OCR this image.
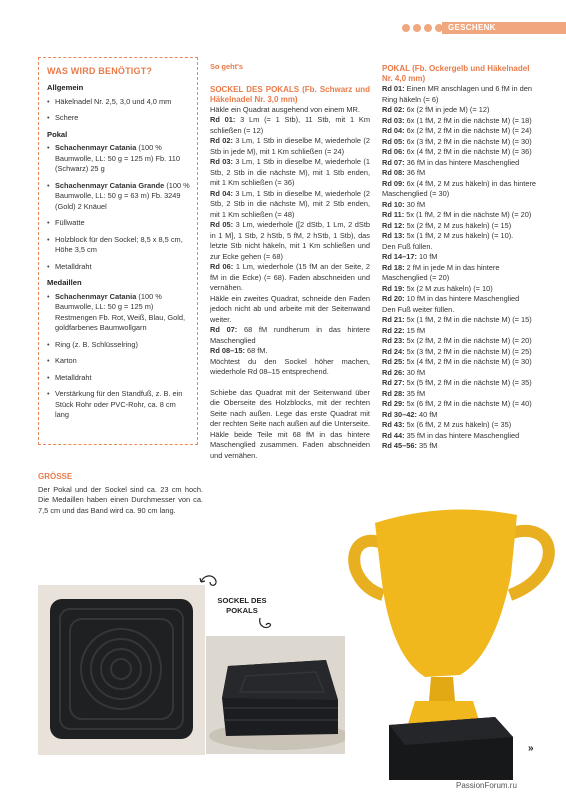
GESCHENK
WAS WIRD BENÖTIGT?
Allgemein
• Häkelnadel Nr. 2,5, 3,0 und 4,0 mm
• Schere
Pokal
• Schachenmayr Catania (100 % Baumwolle, LL: 50 g = 125 m) Fb. 110 (Schwarz) 25 g
• Schachenmayr Catania Grande (100 % Baumwolle, LL: 50 g = 63 m) Fb. 3249 (Gold) 2 Knäuel
• Füllwatte
• Holzblock für den Sockel; 8,5 x 8,5 cm, Höhe 3,5 cm
• Metalldraht
Medaillen
• Schachenmayr Catania (100 % Baumwolle, LL: 50 g = 125 m) Restmengen Fb. Rot, Weiß, Blau, Gold, goldfarbenes Baumwollgarn
• Ring (z. B. Schlüsselring)
• Karton
• Metalldraht
• Verstärkung für den Standfuß, z. B. ein Stück Rohr oder PVC-Rohr, ca. 8 cm lang
GRÖSSE

Der Pokal und der Sockel sind ca. 23 cm hoch. Die Medaillen haben einen Durchmesser von ca. 7,5 cm und das Band wird ca. 90 cm lang.

So geht's

SOCKEL DES POKALS (Fb. Schwarz und Häkelnadel Nr. 3,0 mm)

Häkle ein Quadrat ausgehend von einem MR.

Rd 01: 3 Lm (= 1 Stb), 11 Stb, mit 1 Km schließen (= 12)

Rd 02: 3 Lm, 1 Stb in dieselbe M, wiederhole (2 Stb in jede M), mit 1 Km schließen (= 24)

Rd 03: 3 Lm, 1 Stb in dieselbe M, wiederhole (1 Stb, 2 Stb in die nächste M), mit 1 Stb enden, mit 1 Km schließen (= 36)

Rd 04: 3 Lm, 1 Stb in dieselbe M, wiederhole (2 Stb, 2 Stb in die nächste M), mit 2 Stb enden, mit 1 Km schließen (= 48)

Rd 05: 3 Lm, wiederhole ([2 dStb, 1 Lm, 2 dStb in 1 M], 1 Stb, 2 hStb, 5 fM, 2 hStb, 1 Stb), das letzte Stb nicht häkeln, mit 1 Km schließen und zur Ecke gehen (= 68)

Rd 06: 1 Lm, wiederhole (15 fM an der Seite, 2 fM in die Ecke) (= 68). Faden abschneiden und vernähen.

Häkle ein zweites Quadrat, schneide den Faden jedoch nicht ab und arbeite mit der Seitenwand weiter.

Rd 07: 68 fM rundherum in das hintere Maschenglied

Rd 08–15: 68 fM.

Möchtest du den Sockel höher machen, wiederhole Rd 08–15 entsprechend.

Schiebe das Quadrat mit der Seitenwand über die Oberseite des Holzblocks, mit der rechten Seite nach außen. Lege das erste Quadrat mit der rechten Seite nach außen auf die Unterseite. Häkle beide Teile mit 68 fM in das hintere Maschenglied zusammen. Faden abschneiden und vernähen.

POKAL (Fb. Ockergelb und Häkelnadel Nr. 4,0 mm)

Rd 01: Einen MR anschlagen und 6 fM in den Ring häkeln (= 6)

Rd 02: 6x (2 fM in jede M) (= 12)

Rd 03: 6x (1 fM, 2 fM in die nächste M) (= 18)

Rd 04: 6x (2 fM, 2 fM in die nächste M) (= 24)

Rd 05: 6x (3 fM, 2 fM in die nächste M) (= 30)

Rd 06: 6x (4 fM, 2 fM in die nächste M) (= 36)

Rd 07: 36 fM in das hintere Maschenglied

Rd 08: 36 fM

Rd 09: 6x (4 fM, 2 M zus häkeln) in das hintere Maschenglied (= 30)

Rd 10: 30 fM

Rd 11: 5x (1 fM, 2 fM in die nächste M) (= 20)

Rd 12: 5x (2 fM, 2 M zus häkeln) (= 15)

Rd 13: 5x (1 fM, 2 M zus häkeln) (= 10).

Den Fuß füllen.

Rd 14–17: 10 fM

Rd 18: 2 fM in jede M in das hintere Maschenglied (= 20)

Rd 19: 5x (2 M zus häkeln) (= 10)

Rd 20: 10 fM in das hintere Maschenglied

Den Fuß weiter füllen.

Rd 21: 5x (1 fM, 2 fM in die nächste M) (= 15)

Rd 22: 15 fM

Rd 23: 5x (2 fM, 2 fM in die nächste M) (= 20)

Rd 24: 5x (3 fM, 2 fM in die nächste M) (= 25)

Rd 25: 5x (4 fM, 2 fM in die nächste M) (= 30)

Rd 26: 30 fM

Rd 27: 5x (5 fM, 2 fM in die nächste M) (= 35)

Rd 28: 35 fM

Rd 29: 5x (6 fM, 2 fM in die nächste M) (= 40)

Rd 30–42: 40 fM

Rd 43: 5x (6 fM, 2 M zus häkeln) (= 35)

Rd 44: 35 fM in das hintere Maschenglied

Rd 45–56: 35 fM

SOCKEL DES POKALS
»
PassionForum.ru
